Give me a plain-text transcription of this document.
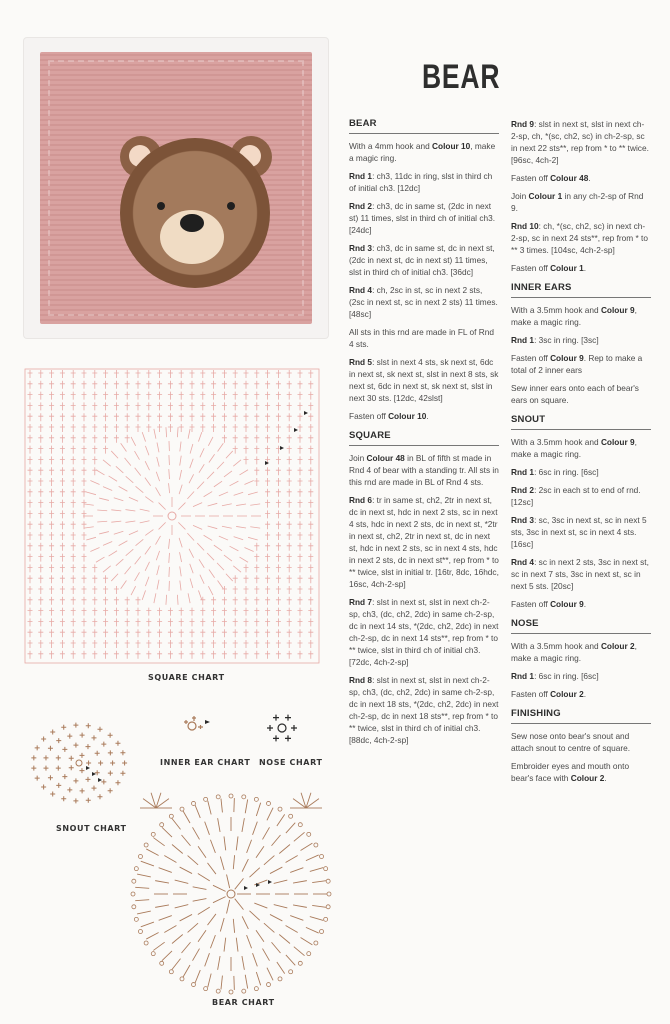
SQUARE CHART
SNOUT CHART
INNER EAR CHART NOSE CHART
BEAR CHART
BEAR
BEAR

With a 4mm hook and Colour 10, make a magic ring.

Rnd 1: ch3, 11dc in ring, slst in third ch of initial ch3. [12dc]

Rnd 2: ch3, dc in same st, (2dc in next st) 11 times, slst in third ch of initial ch3. [24dc]

Rnd 3: ch3, dc in same st, dc in next st, (2dc in next st, dc in next st) 11 times, slst in third ch of initial ch3. [36dc]

Rnd 4: ch, 2sc in st, sc in next 2 sts, (2sc in next st, sc in next 2 sts) 11 times. [48sc]

All sts in this rnd are made in FL of Rnd 4 sts.

Rnd 5: slst in next 4 sts, sk next st, 6dc in next st, sk next st, slst in next 8 sts, sk next st, 6dc in next st, sk next st, slst in next 30 sts. [12dc, 42slst]

Fasten off Colour 10.

SQUARE

Join Colour 48 in BL of fifth st made in Rnd 4 of bear with a standing tr. All sts in this rnd are made in BL of Rnd 4 sts.

Rnd 6: tr in same st, ch2, 2tr in next st, dc in next st, hdc in next 2 sts, sc in next 4 sts, hdc in next 2 sts, dc in next st, *2tr in next st, ch2, 2tr in next st, dc in next st, hdc in next 2 sts, sc in next 4 sts, hdc in next 2 sts, dc in next st**, rep from * to ** twice, slst in initial tr. [16tr, 8dc, 16hdc, 16sc, 4ch-2-sp]

Rnd 7: slst in next st, slst in next ch-2-sp, ch3, (dc, ch2, 2dc) in same ch-2-sp, dc in next 14 sts, *(2dc, ch2, 2dc) in next ch-2-sp, dc in next 14 sts**, rep from * to ** twice, slst in third ch of initial ch3. [72dc, 4ch-2-sp]

Rnd 8: slst in next st, slst in next ch-2-sp, ch3, (dc, ch2, 2dc) in same ch-2-sp, dc in next 18 sts, *(2dc, ch2, 2dc) in next ch-2-sp, dc in next 18 sts**, rep from * to ** twice, slst in third ch of initial ch3. [88dc, 4ch-2-sp]

Rnd 9: slst in next st, slst in next ch-2-sp, ch, *(sc, ch2, sc) in ch-2-sp, sc in next 22 sts**, rep from * to ** twice. [96sc, 4ch-2]

Fasten off Colour 48.

Join Colour 1 in any ch-2-sp of Rnd 9.

Rnd 10: ch, *(sc, ch2, sc) in next ch-2-sp, sc in next 24 sts**, rep from * to ** 3 times. [104sc, 4ch-2-sp]

Fasten off Colour 1.

INNER EARS

With a 3.5mm hook and Colour 9, make a magic ring.

Rnd 1: 3sc in ring. [3sc]

Fasten off Colour 9. Rep to make a total of 2 inner ears

Sew inner ears onto each of bear's ears on square.

SNOUT

With a 3.5mm hook and Colour 9, make a magic ring.

Rnd 1: 6sc in ring. [6sc]

Rnd 2: 2sc in each st to end of rnd. [12sc]

Rnd 3: sc, 3sc in next st, sc in next 5 sts, 3sc in next st, sc in next 4 sts. [16sc]

Rnd 4: sc in next 2 sts, 3sc in next st, sc in next 7 sts, 3sc in next st, sc in next 5 sts. [20sc]

Fasten off Colour 9.

NOSE

With a 3.5mm hook and Colour 2, make a magic ring.

Rnd 1: 6sc in ring. [6sc]

Fasten off Colour 2.

FINISHING

Sew nose onto bear's snout and attach snout to centre of square.

Embroider eyes and mouth onto bear's face with Colour 2.
